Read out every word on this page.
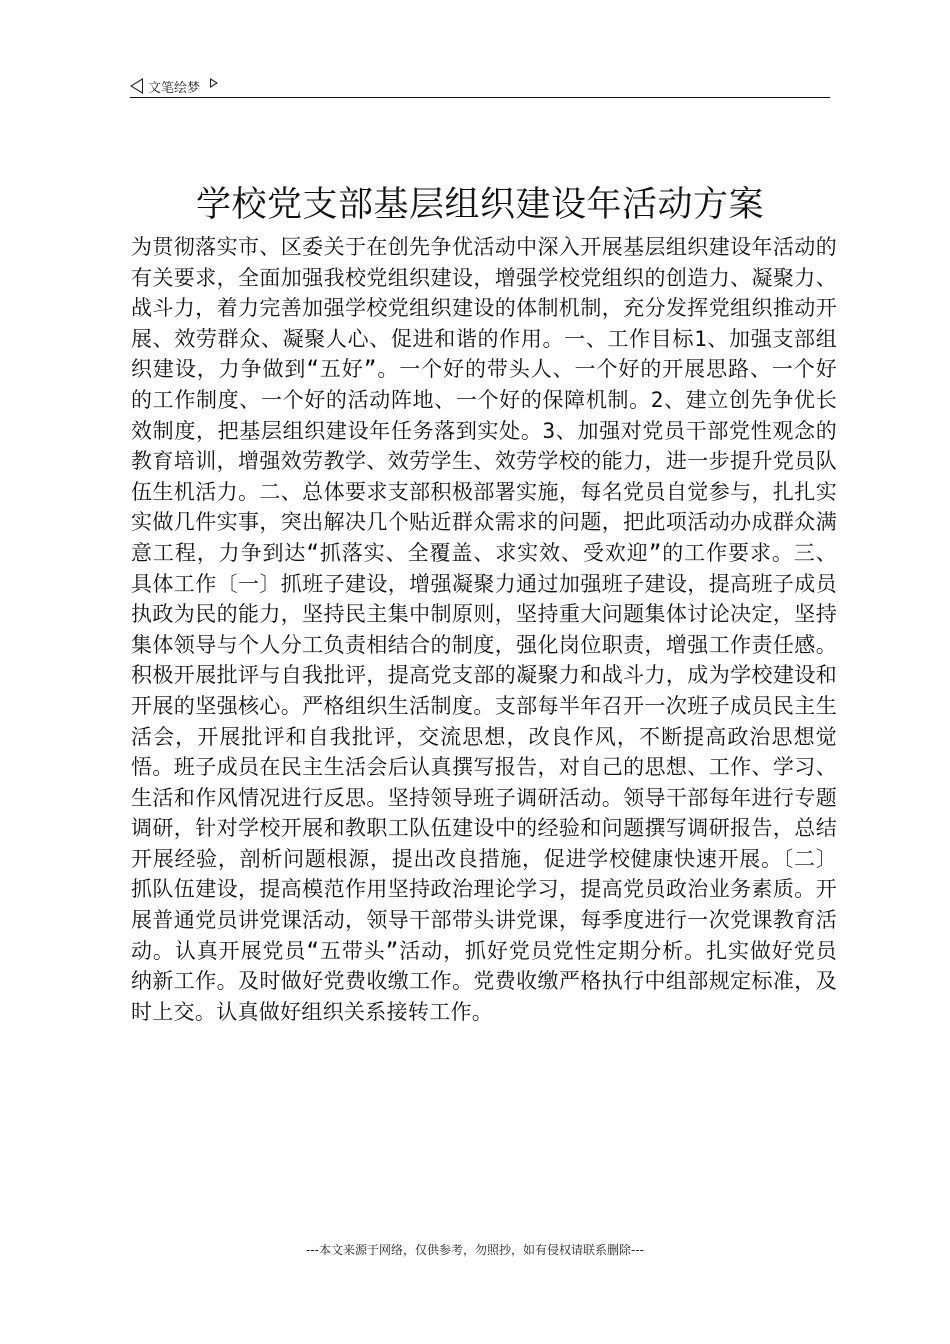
文笔绘梦
学校党支部基层组织建设年活动方案

为贯彻落实市、区委关于在创先争优活动中深入开展基层组织建设年活动的有关要求，全面加强我校党组织建设，增强学校党组织的创造力、凝聚力、战斗力，着力完善加强学校党组织建设的体制机制，充分发挥党组织推动开展、效劳群众、凝聚人心、促进和谐的作用。一、工作目标1、加强支部组织建设，力争做到“五好”。一个好的带头人、一个好的开展思路、一个好的工作制度、一个好的活动阵地、一个好的保障机制。2、建立创先争优长效制度，把基层组织建设年任务落到实处。3、加强对党员干部党性观念的教育培训，增强效劳教学、效劳学生、效劳学校的能力，进一步提升党员队伍生机活力。二、总体要求支部积极部署实施，每名党员自觉参与，扎扎实实做几件实事，突出解决几个贴近群众需求的问题，把此项活动办成群众满意工程，力争到达“抓落实、全覆盖、求实效、受欢迎”的工作要求。三、具体工作〔一〕抓班子建设，增强凝聚力通过加强班子建设，提高班子成员执政为民的能力，坚持民主集中制原则，坚持重大问题集体讨论决定，坚持集体领导与个人分工负责相结合的制度，强化岗位职责，增强工作责任感。积极开展批评与自我批评，提高党支部的凝聚力和战斗力，成为学校建设和开展的坚强核心。严格组织生活制度。支部每半年召开一次班子成员民主生活会，开展批评和自我批评，交流思想，改良作风，不断提高政治思想觉悟。班子成员在民主生活会后认真撰写报告，对自己的思想、工作、学习、生活和作风情况进行反思。坚持领导班子调研活动。领导干部每年进行专题调研，针对学校开展和教职工队伍建设中的经验和问题撰写调研报告，总结开展经验，剖析问题根源，提出改良措施，促进学校健康快速开展。〔二〕抓队伍建设，提高模范作用坚持政治理论学习，提高党员政治业务素质。开展普通党员讲党课活动，领导干部带头讲党课，每季度进行一次党课教育活动。认真开展党员“五带头”活动，抓好党员党性定期分析。扎实做好党员纳新工作。及时做好党费收缴工作。党费收缴严格执行中组部规定标准，及时上交。认真做好组织关系接转工作。

---本文来源于网络，仅供参考，勿照抄，如有侵权请联系删除---
